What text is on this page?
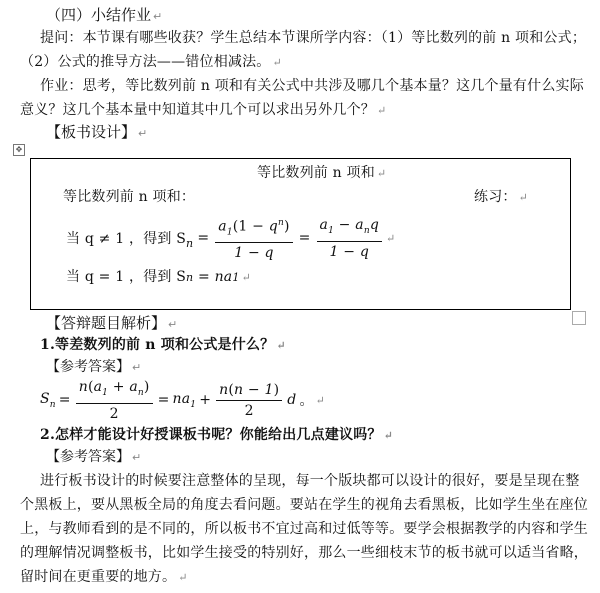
（四）小结作业 ↵
提问：本节课有哪些收获？学生总结本节课所学内容：（1）等比数列的前 n 项和公式；
（2）公式的推导方法——错位相减法。 ↵
作业：思考，等比数列前 n 项和有关公式中共涉及哪几个基本量？这几个量有什么实际
意义？这几个基本量中知道其中几个可以求出另外几个？ ↵
【板书设计】 ↵
✥
等比数列前 n 项和 ↵
等比数列前 n 项和：	练习： ↵
当 q ≠ 1 ，得到 S $n = \frac{a_1(1 - q^n)}{1 - q} = \frac{a_1 - a_nq}{1 - q}$ ↵
当 q = 1 ，得到 Sn = na1 ↵
【答辩题目解析】 ↵
1.等差数列的前 n 项和公式是什么？ ↵
【参考答案】 ↵
$S_n = \frac{n(a_1 + a_n)}{2} = na_1 + \frac{n(n - 1)}{2}$ d 。 ↵
2.怎样才能设计好授课板书呢？你能给出几点建议吗？ ↵
【参考答案】 ↵
进行板书设计的时候要注意整体的呈现，每一个版块都可以设计的很好，要是呈现在整
个黑板上，要从黑板全局的角度去看问题。要站在学生的视角去看黑板，比如学生坐在座位
上，与教师看到的是不同的，所以板书不宜过高和过低等等。要学会根据教学的内容和学生
的理解情况调整板书，比如学生接受的特别好，那么一些细枝末节的板书就可以适当省略，
留时间在更重要的地方。 ↵
